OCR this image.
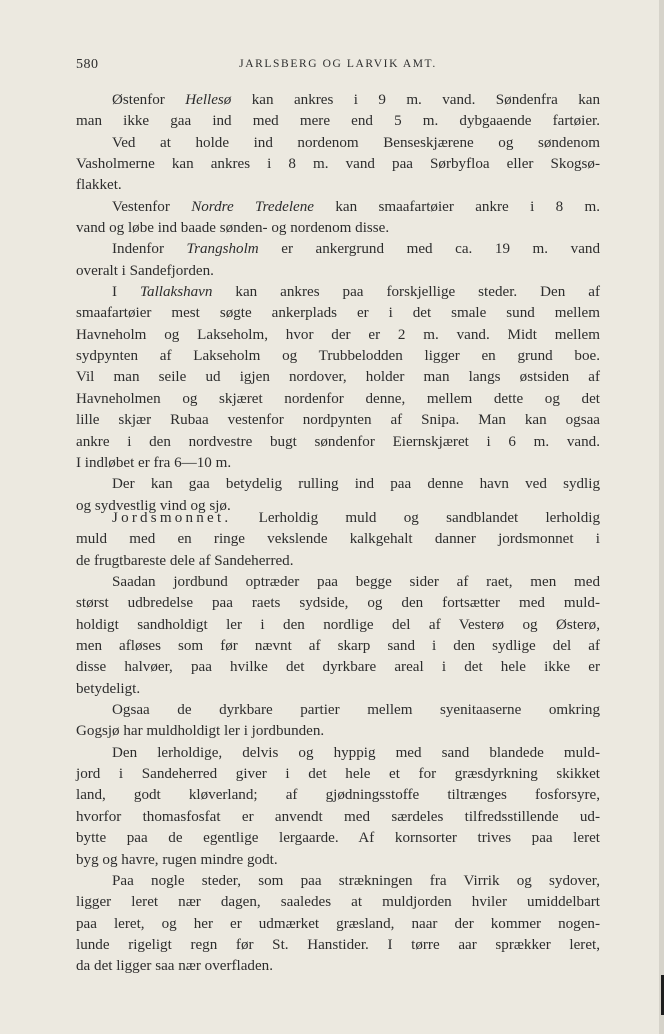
580	JARLSBERG OG LARVIK AMT.
Østenfor Hellesø kan ankres i 9 m. vand. Søndenfra kan
man ikke gaa ind med mere end 5 m. dybgaaende fartøier.
Ved at holde ind nordenom Benseskjærene og søndenom
Vasholmerne kan ankres i 8 m. vand paa Sørbyfloa eller Skogsø-
flakket.
Vestenfor Nordre Tredelene kan smaafartøier ankre i 8 m.
vand og løbe ind baade sønden- og nordenom disse.
Indenfor Trangsholm er ankergrund med ca. 19 m. vand
overalt i Sandefjorden.
I Tallakshavn kan ankres paa forskjellige steder. Den af
smaafartøier mest søgte ankerplads er i det smale sund mellem
Havneholm og Lakseholm, hvor der er 2 m. vand. Midt mellem
sydpynten af Lakseholm og Trubbelodden ligger en grund boe.
Vil man seile ud igjen nordover, holder man langs østsiden af
Havneholmen og skjæret nordenfor denne, mellem dette og det
lille skjær Rubaa vestenfor nordpynten af Snipa. Man kan ogsaa
ankre i den nordvestre bugt søndenfor Eiernskjæret i 6 m. vand.
I indløbet er fra 6—10 m.
Der kan gaa betydelig rulling ind paa denne havn ved sydlig
og sydvestlig vind og sjø.
Jordsmonnet. Lerholdig muld og sandblandet lerholdig
muld med en ringe vekslende kalkgehalt danner jordsmonnet i
de frugtbareste dele af Sandeherred.
Saadan jordbund optræder paa begge sider af raet, men med
størst udbredelse paa raets sydside, og den fortsætter med muld-
holdigt sandholdigt ler i den nordlige del af Vesterø og Østerø,
men afløses som før nævnt af skarp sand i den sydlige del af
disse halvøer, paa hvilke det dyrkbare areal i det hele ikke er
betydeligt.
Ogsaa de dyrkbare partier mellem syenitaaserne omkring
Gogsjø har muldholdigt ler i jordbunden.
Den lerholdige, delvis og hyppig med sand blandede muld-
jord i Sandeherred giver i det hele et for græsdyrkning skikket
land, godt kløverland; af gjødningsstoffe tiltrænges fosforsyre,
hvorfor thomasfosfat er anvendt med særdeles tilfredsstillende ud-
bytte paa de egentlige lergaarde. Af kornsorter trives paa leret
byg og havre, rugen mindre godt.
Paa nogle steder, som paa strækningen fra Virrik og sydover,
ligger leret nær dagen, saaledes at muldjorden hviler umiddelbart
paa leret, og her er udmærket græsland, naar der kommer nogen-
lunde rigeligt regn før St. Hanstider. I tørre aar sprækker leret,
da det ligger saa nær overfladen.
